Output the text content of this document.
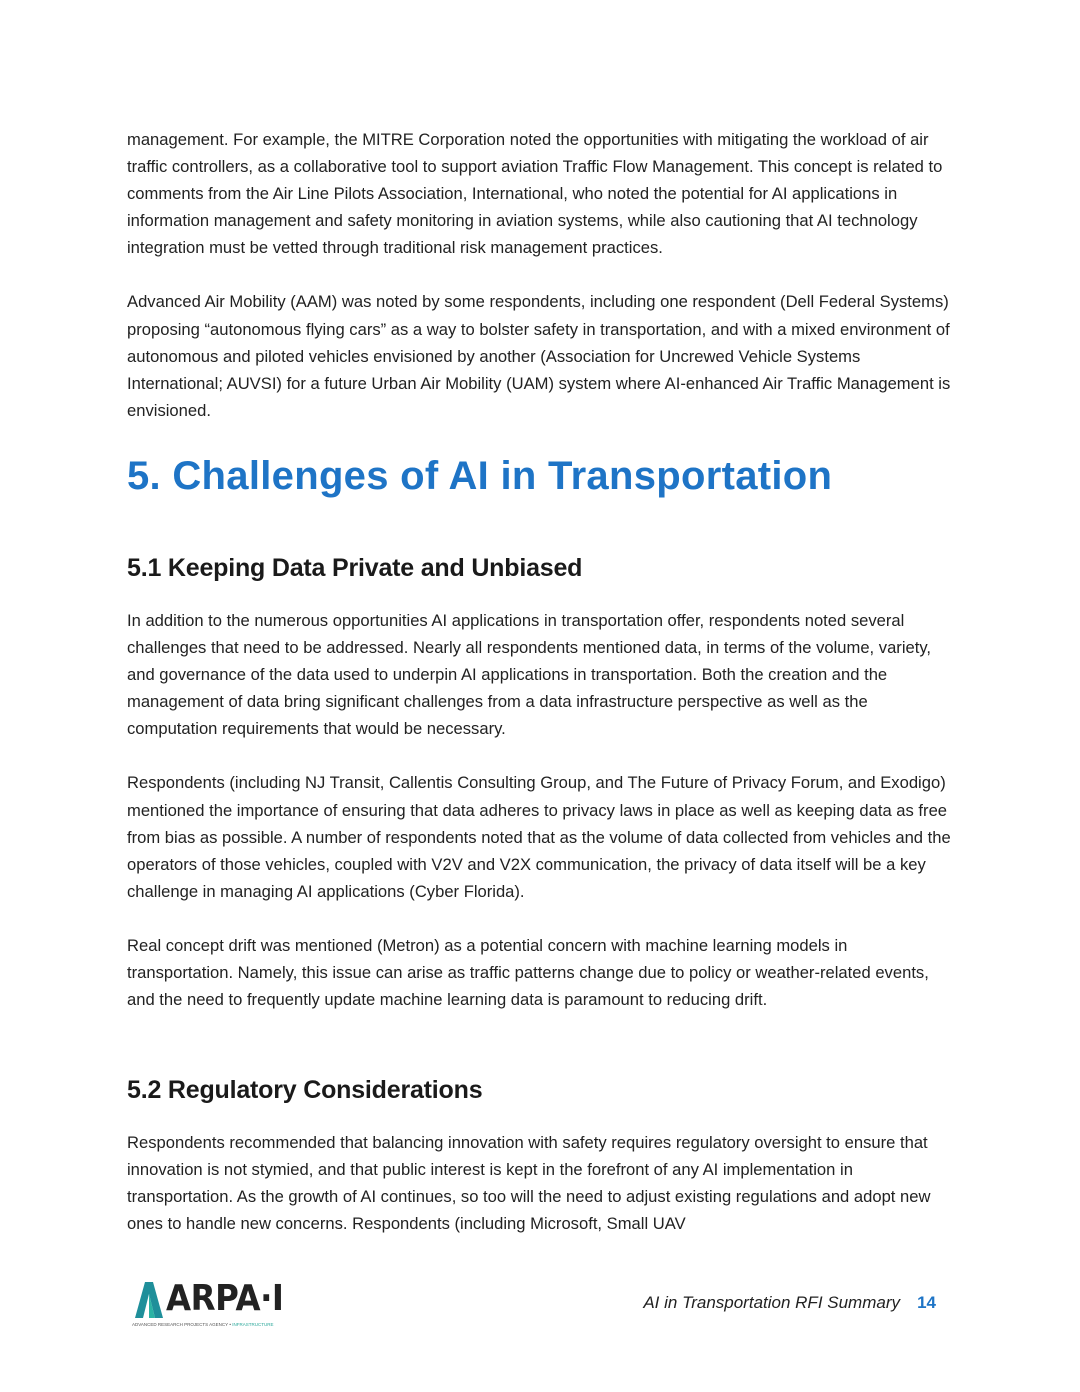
management. For example, the MITRE Corporation noted the opportunities with mitigating the workload of air traffic controllers, as a collaborative tool to support aviation Traffic Flow Management. This concept is related to comments from the Air Line Pilots Association, International, who noted the potential for AI applications in information management and safety monitoring in aviation systems, while also cautioning that AI technology integration must be vetted through traditional risk management practices.

Advanced Air Mobility (AAM) was noted by some respondents, including one respondent (Dell Federal Systems) proposing “autonomous flying cars” as a way to bolster safety in transportation, and with a mixed environment of autonomous and piloted vehicles envisioned by another (Association for Uncrewed Vehicle Systems International; AUVSI) for a future Urban Air Mobility (UAM) system where AI-enhanced Air Traffic Management is envisioned.

5. Challenges of AI in Transportation
5.1 Keeping Data Private and Unbiased

In addition to the numerous opportunities AI applications in transportation offer, respondents noted several challenges that need to be addressed. Nearly all respondents mentioned data, in terms of the volume, variety, and governance of the data used to underpin AI applications in transportation. Both the creation and the management of data bring significant challenges from a data infrastructure perspective as well as the computation requirements that would be necessary.

Respondents (including NJ Transit, Callentis Consulting Group, and The Future of Privacy Forum, and Exodigo) mentioned the importance of ensuring that data adheres to privacy laws in place as well as keeping data as free from bias as possible. A number of respondents noted that as the volume of data collected from vehicles and the operators of those vehicles, coupled with V2V and V2X communication, the privacy of data itself will be a key challenge in managing AI applications (Cyber Florida).

Real concept drift was mentioned (Metron) as a potential concern with machine learning models in transportation. Namely, this issue can arise as traffic patterns change due to policy or weather-related events, and the need to frequently update machine learning data is paramount to reducing drift.

5.2 Regulatory Considerations

Respondents recommended that balancing innovation with safety requires regulatory oversight to ensure that innovation is not stymied, and that public interest is kept in the forefront of any AI implementation in transportation. As the growth of AI continues, so too will the need to adjust existing regulations and adopt new ones to handle new concerns. Respondents (including Microsoft, Small UAV

ARPA·I
ADVANCED RESEARCH PROJECTS AGENCY • INFRASTRUCTURE
AI in Transportation RFI Summary 14
